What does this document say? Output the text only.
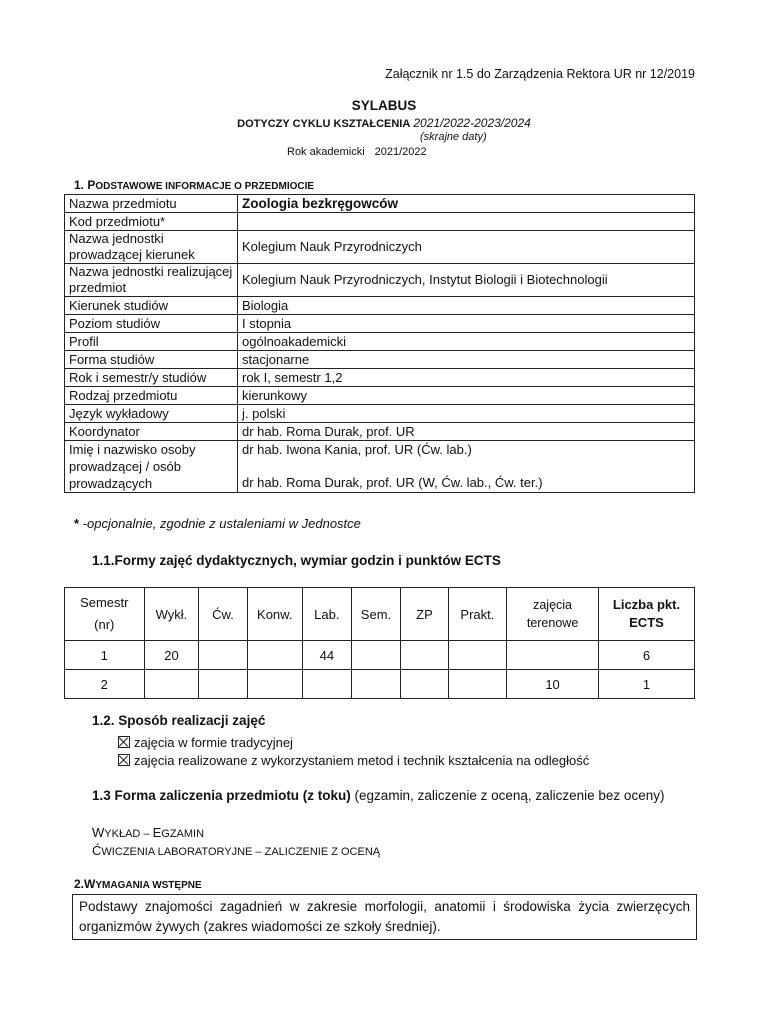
Załącznik nr 1.5 do Zarządzenia Rektora UR nr 12/2019
SYLABUS
DOTYCZY CYKLU KSZTAŁCENIA 2021/2022-2023/2024
(skrajne daty)
Rok akademicki 2021/2022
1. PODSTAWOWE INFORMACJE O PRZEDMIOCIE
Nazwa przedmiotu	Zoologia bezkręgowców
Kod przedmiotu*	
Nazwa jednostki prowadzącej kierunek	Kolegium Nauk Przyrodniczych
Nazwa jednostki realizującej przedmiot	Kolegium Nauk Przyrodniczych, Instytut Biologii i Biotechnologii
Kierunek studiów	Biologia
Poziom studiów	I stopnia
Profil	ogólnoakademicki
Forma studiów	stacjonarne
Rok i semestr/y studiów	rok I, semestr 1,2
Rodzaj przedmiotu	kierunkowy
Język wykładowy	j. polski
Koordynator	dr hab. Roma Durak, prof. UR
Imię i nazwisko osoby prowadzącej / osób prowadzących	dr hab. Iwona Kania, prof. UR (Ćw. lab.)
dr hab. Roma Durak, prof. UR (W, Ćw. lab., Ćw. ter.)
* -opcjonalnie, zgodnie z ustaleniami w Jednostce
1.1.Formy zajęć dydaktycznych, wymiar godzin i punktów ECTS
Semestr (nr)	Wykł.	Ćw.	Konw.	Lab.	Sem.	ZP	Prakt.	zajęcia terenowe	Liczba pkt. ECTS
1	20			44					6
2								10	1
1.2. Sposób realizacji zajęć
zajęcia w formie tradycyjnej
zajęcia realizowane z wykorzystaniem metod i technik kształcenia na odległość
1.3 Forma zaliczenia przedmiotu (z toku) (egzamin, zaliczenie z oceną, zaliczenie bez oceny)
WYKŁAD – EGZAMIN
ĆWICZENIA LABORATORYJNE – ZALICZENIE Z OCENĄ
2.WYMAGANIA WSTĘPNE
Podstawy znajomości zagadnień w zakresie morfologii, anatomii i środowiska życia zwierzęcych organizmów żywych (zakres wiadomości ze szkoły średniej).
